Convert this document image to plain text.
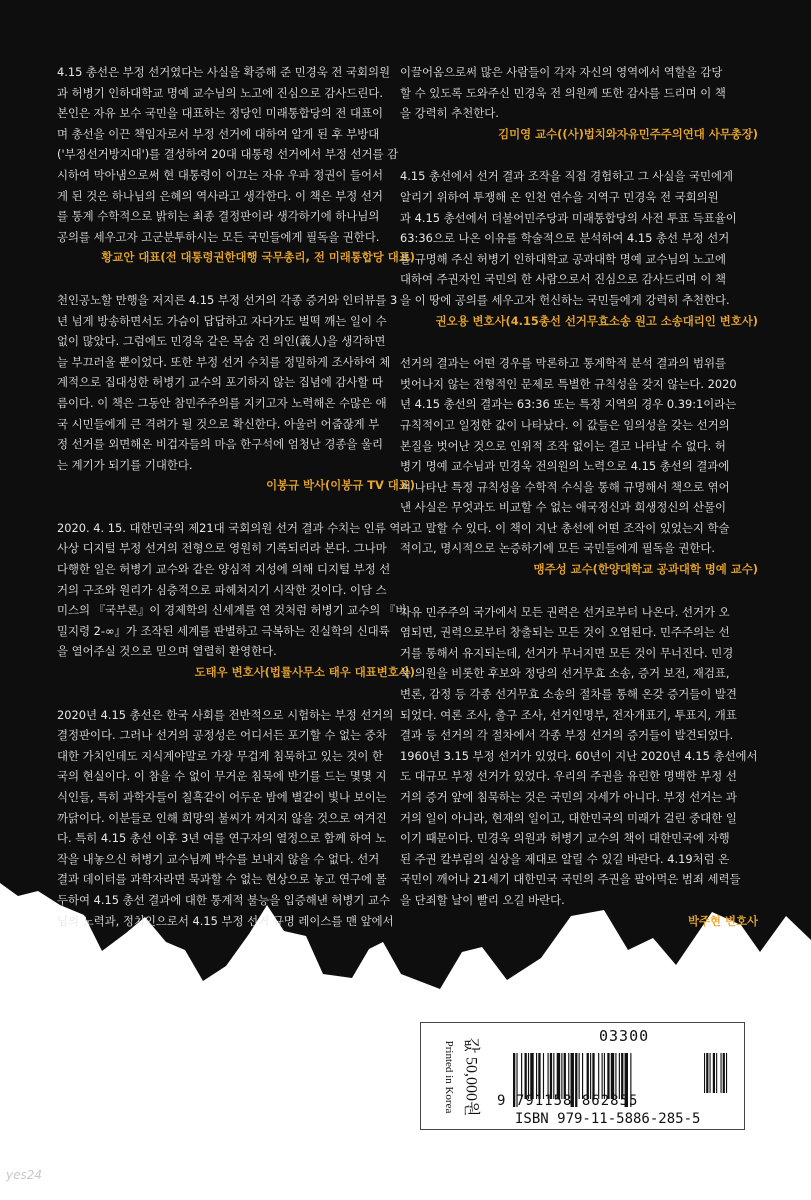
4.15 총선은 부정 선거였다는 사실을 확증해 준 민경욱 전 국회의원
과 허병기 인하대학교 명예 교수님의 노고에 진심으로 감사드린다.
본인은 자유 보수 국민을 대표하는 정당인 미래통합당의 전 대표이
며 총선을 이끈 책임자로서 부정 선거에 대하여 알게 된 후 부방대
('부정선거방지대')를 결성하여 20대 대통령 선거에서 부정 선거를 감
시하여 막아냄으로써 현 대통령이 이끄는 자유 우파 정권이 들어서
게 된 것은 하나님의 은혜의 역사라고 생각한다. 이 책은 부정 선거
를 통계 수학적으로 밝히는 최종 결정판이라 생각하기에 하나님의
공의를 세우고자 고군분투하시는 모든 국민들에게 필독을 권한다.

황교안 대표(전 대통령권한대행 국무총리, 전 미래통합당 대표)

천인공노할 만행을 저지른 4.15 부정 선거의 각종 증거와 인터뷰를 3
년 넘게 방송하면서도 가슴이 답답하고 자다가도 벌떡 깨는 일이 수
없이 많았다. 그럼에도 민경욱 같은 목숨 건 의인(義人)을 생각하면
늘 부끄러울 뿐이었다. 또한 부정 선거 수치를 정밀하게 조사하여 체
계적으로 집대성한 허병기 교수의 포기하지 않는 집념에 감사할 따
름이다. 이 책은 그동안 참민주주의를 지키고자 노력해온 수많은 애
국 시민들에게 큰 격려가 될 것으로 확신한다. 아울러 어줍잖게 부
정 선거를 외면해온 비겁자들의 마음 한구석에 엄청난 경종을 울리
는 계기가 되기를 기대한다.

이봉규 박사(이봉규 TV 대표)

2020. 4. 15. 대한민국의 제21대 국회의원 선거 결과 수치는 인류 역
사상 디지털 부정 선거의 전형으로 영원히 기록되리라 본다. 그나마
다행한 일은 허병기 교수와 같은 양심적 지성에 의해 디지털 부정 선
거의 구조와 원리가 심층적으로 파헤쳐지기 시작한 것이다. 이담 스
미스의 『국부론』이 경제학의 신세계를 연 것처럼 허병기 교수의 『비
밀지령 2-∞』가 조작된 세계를 판별하고 극복하는 진실학의 신대륙
을 열어주실 것으로 믿으며 열렬히 환영한다.

도태우 변호사(법률사무소 태우 대표변호사)

2020년 4.15 총선은 한국 사회를 전반적으로 시험하는 부정 선거의
결정판이다. 그러나 선거의 공정성은 어디서든 포기할 수 없는 중차
대한 가치인데도 지식계야말로 가장 무겁게 침묵하고 있는 것이 한
국의 현실이다. 이 참을 수 없이 무거운 침묵에 반기를 드는 몇몇 지
식인들, 특히 과학자들이 칠흑같이 어두운 밤에 별같이 빛나 보이는
까닭이다. 이분들로 인해 희망의 불씨가 꺼지지 않을 것으로 여겨진
다. 특히 4.15 총선 이후 3년 여를 연구자의 열정으로 함께 하여 노
작을 내놓으신 허병기 교수님께 박수를 보내지 않을 수 없다. 선거
결과 데이터를 과학자라면 묵과할 수 없는 현상으로 놓고 연구에 몰
두하여 4.15 총선 결과에 대한 통계적 불능을 입증해낸 허병기 교수
님의 노력과, 정치인으로서 4.15 부정 선거 규명 레이스를 맨 앞에서

이끌어옴으로써 많은 사람들이 각자 자신의 영역에서 역할을 감당
할 수 있도록 도와주신 민경욱 전 의원께 또한 감사를 드리며 이 책
을 강력히 추천한다.

김미영 교수((사)법치와자유민주주의연대 사무총장)

4.15 총선에서 선거 결과 조작을 직접 경험하고 그 사실을 국민에게
알리기 위하여 투쟁해 온 인천 연수을 지역구 민경욱 전 국회의원
과 4.15 총선에서 더불어민주당과 미래통합당의 사전 투표 득표율이
63:36으로 나온 이유를 학술적으로 분석하여 4.15 총선 부정 선거
를 규명해 주신 허병기 인하대학교 공과대학 명예 교수님의 노고에
대하여 주권자인 국민의 한 사람으로서 진심으로 감사드리며 이 책
을 이 땅에 공의를 세우고자 헌신하는 국민들에게 강력히 추천한다.

권오용 변호사(4.15총선 선거무효소송 원고 소송대리인 변호사)

선거의 결과는 어떤 경우를 막론하고 통계학적 분석 결과의 범위를
벗어나지 않는 전형적인 문제로 특별한 규칙성을 갖지 않는다. 2020
년 4.15 총선의 결과는 63:36 또는 특정 지역의 경우 0.39:1이라는
규칙적이고 일정한 값이 나타났다. 이 값들은 임의성을 갖는 선거의
본질을 벗어난 것으로 인위적 조작 없이는 결코 나타날 수 없다. 허
병기 명예 교수님과 민경욱 전의원의 노력으로 4.15 총선의 결과에
서 나타난 특정 규칙성을 수학적 수식을 통해 규명해서 책으로 엮어
낸 사실은 무엇과도 비교할 수 없는 애국정신과 희생정신의 산물이
라고 말할 수 있다. 이 책이 지난 총선에 어떤 조작이 있었는지 학술
적이고, 명시적으로 논증하기에 모든 국민들에게 필독을 권한다.

맹주성 교수(한양대학교 공과대학 명예 교수)

자유 민주주의 국가에서 모든 권력은 선거로부터 나온다. 선거가 오
염되면, 권력으로부터 창출되는 모든 것이 오염된다. 민주주의는 선
거를 통해서 유지되는데, 선거가 무너지면 모든 것이 무너진다. 민경
욱 의원을 비롯한 후보와 정당의 선거무효 소송, 증거 보전, 재검표,
변론, 감정 등 각종 선거무효 소송의 절차를 통해 온갖 증거들이 발견
되었다. 여론 조사, 출구 조사, 선거인명부, 전자개표기, 투표지, 개표
결과 등 선거의 각 절차에서 각종 부정 선거의 증거들이 발견되었다.
1960년 3.15 부정 선거가 있었다. 60년이 지난 2020년 4.15 총선에서
도 대규모 부정 선거가 있었다. 우리의 주권을 유린한 명백한 부정 선
거의 증거 앞에 침묵하는 것은 국민의 자세가 아니다. 부정 선거는 과
거의 일이 아니라, 현재의 일이고, 대한민국의 미래가 걸린 중대한 일
이기 때문이다. 민경욱 의원과 허병기 교수의 책이 대한민국에 자행
된 주권 칼부림의 실상을 제대로 알릴 수 있길 바란다. 4.19처럼 온
국민이 깨어나 21세기 대한민국 국민의 주권을 팔아먹은 범죄 세력들
을 단죄할 날이 빨리 오길 바란다.

박주현 변호사

Printed in Korea 값 50,000원
03300
9 791158 862855
ISBN 979-11-5886-285-5
yes24
